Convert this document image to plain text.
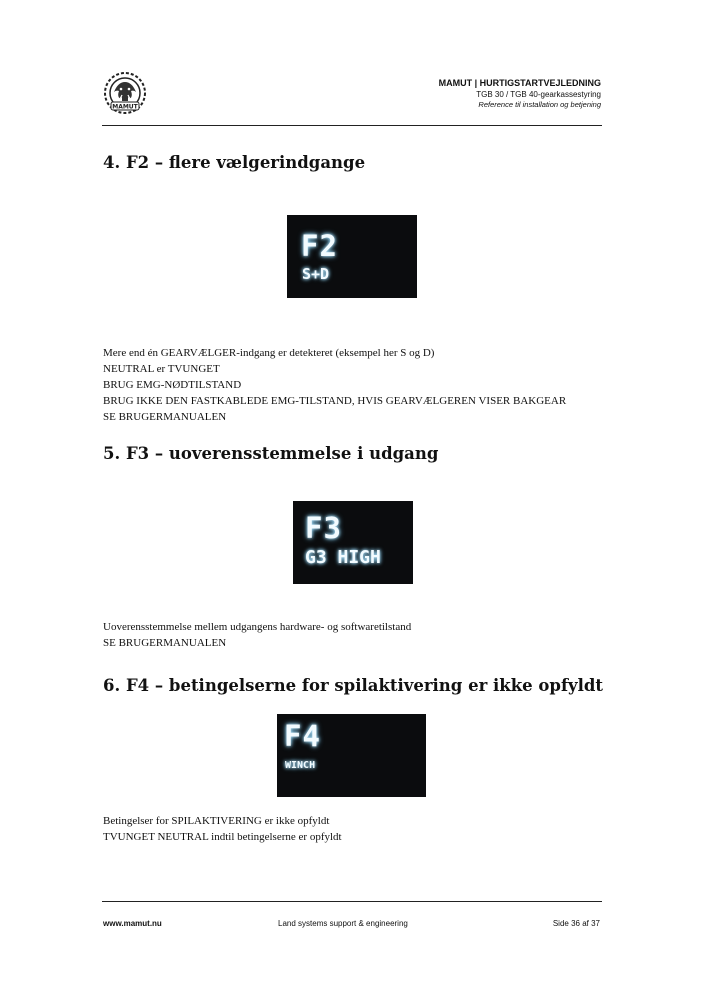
MAMUT
MAMUT | HURTIGSTARTVEJLEDNING
TGB 30 / TGB 40-gearkassestyring
Reference til installation og betjening
4. F2 – flere vælgerindgange
F2
S+D
Mere end én GEARVÆLGER-indgang er detekteret (eksempel her S og D)
NEUTRAL er TVUNGET
BRUG EMG-NØDTILSTAND
BRUG IKKE DEN FASTKABLEDE EMG-TILSTAND, HVIS GEARVÆLGEREN VISER BAKGEAR
SE BRUGERMANUALEN
5. F3 – uoverensstemmelse i udgang
F3
G3 HIGH
Uoverensstemmelse mellem udgangens hardware- og softwaretilstand
SE BRUGERMANUALEN
6. F4 – betingelserne for spilaktivering er ikke opfyldt
F4
WINCH
Betingelser for SPILAKTIVERING er ikke opfyldt
TVUNGET NEUTRAL indtil betingelserne er opfyldt
www.mamut.nu	Land systems support & engineering	Side 36 af 37
